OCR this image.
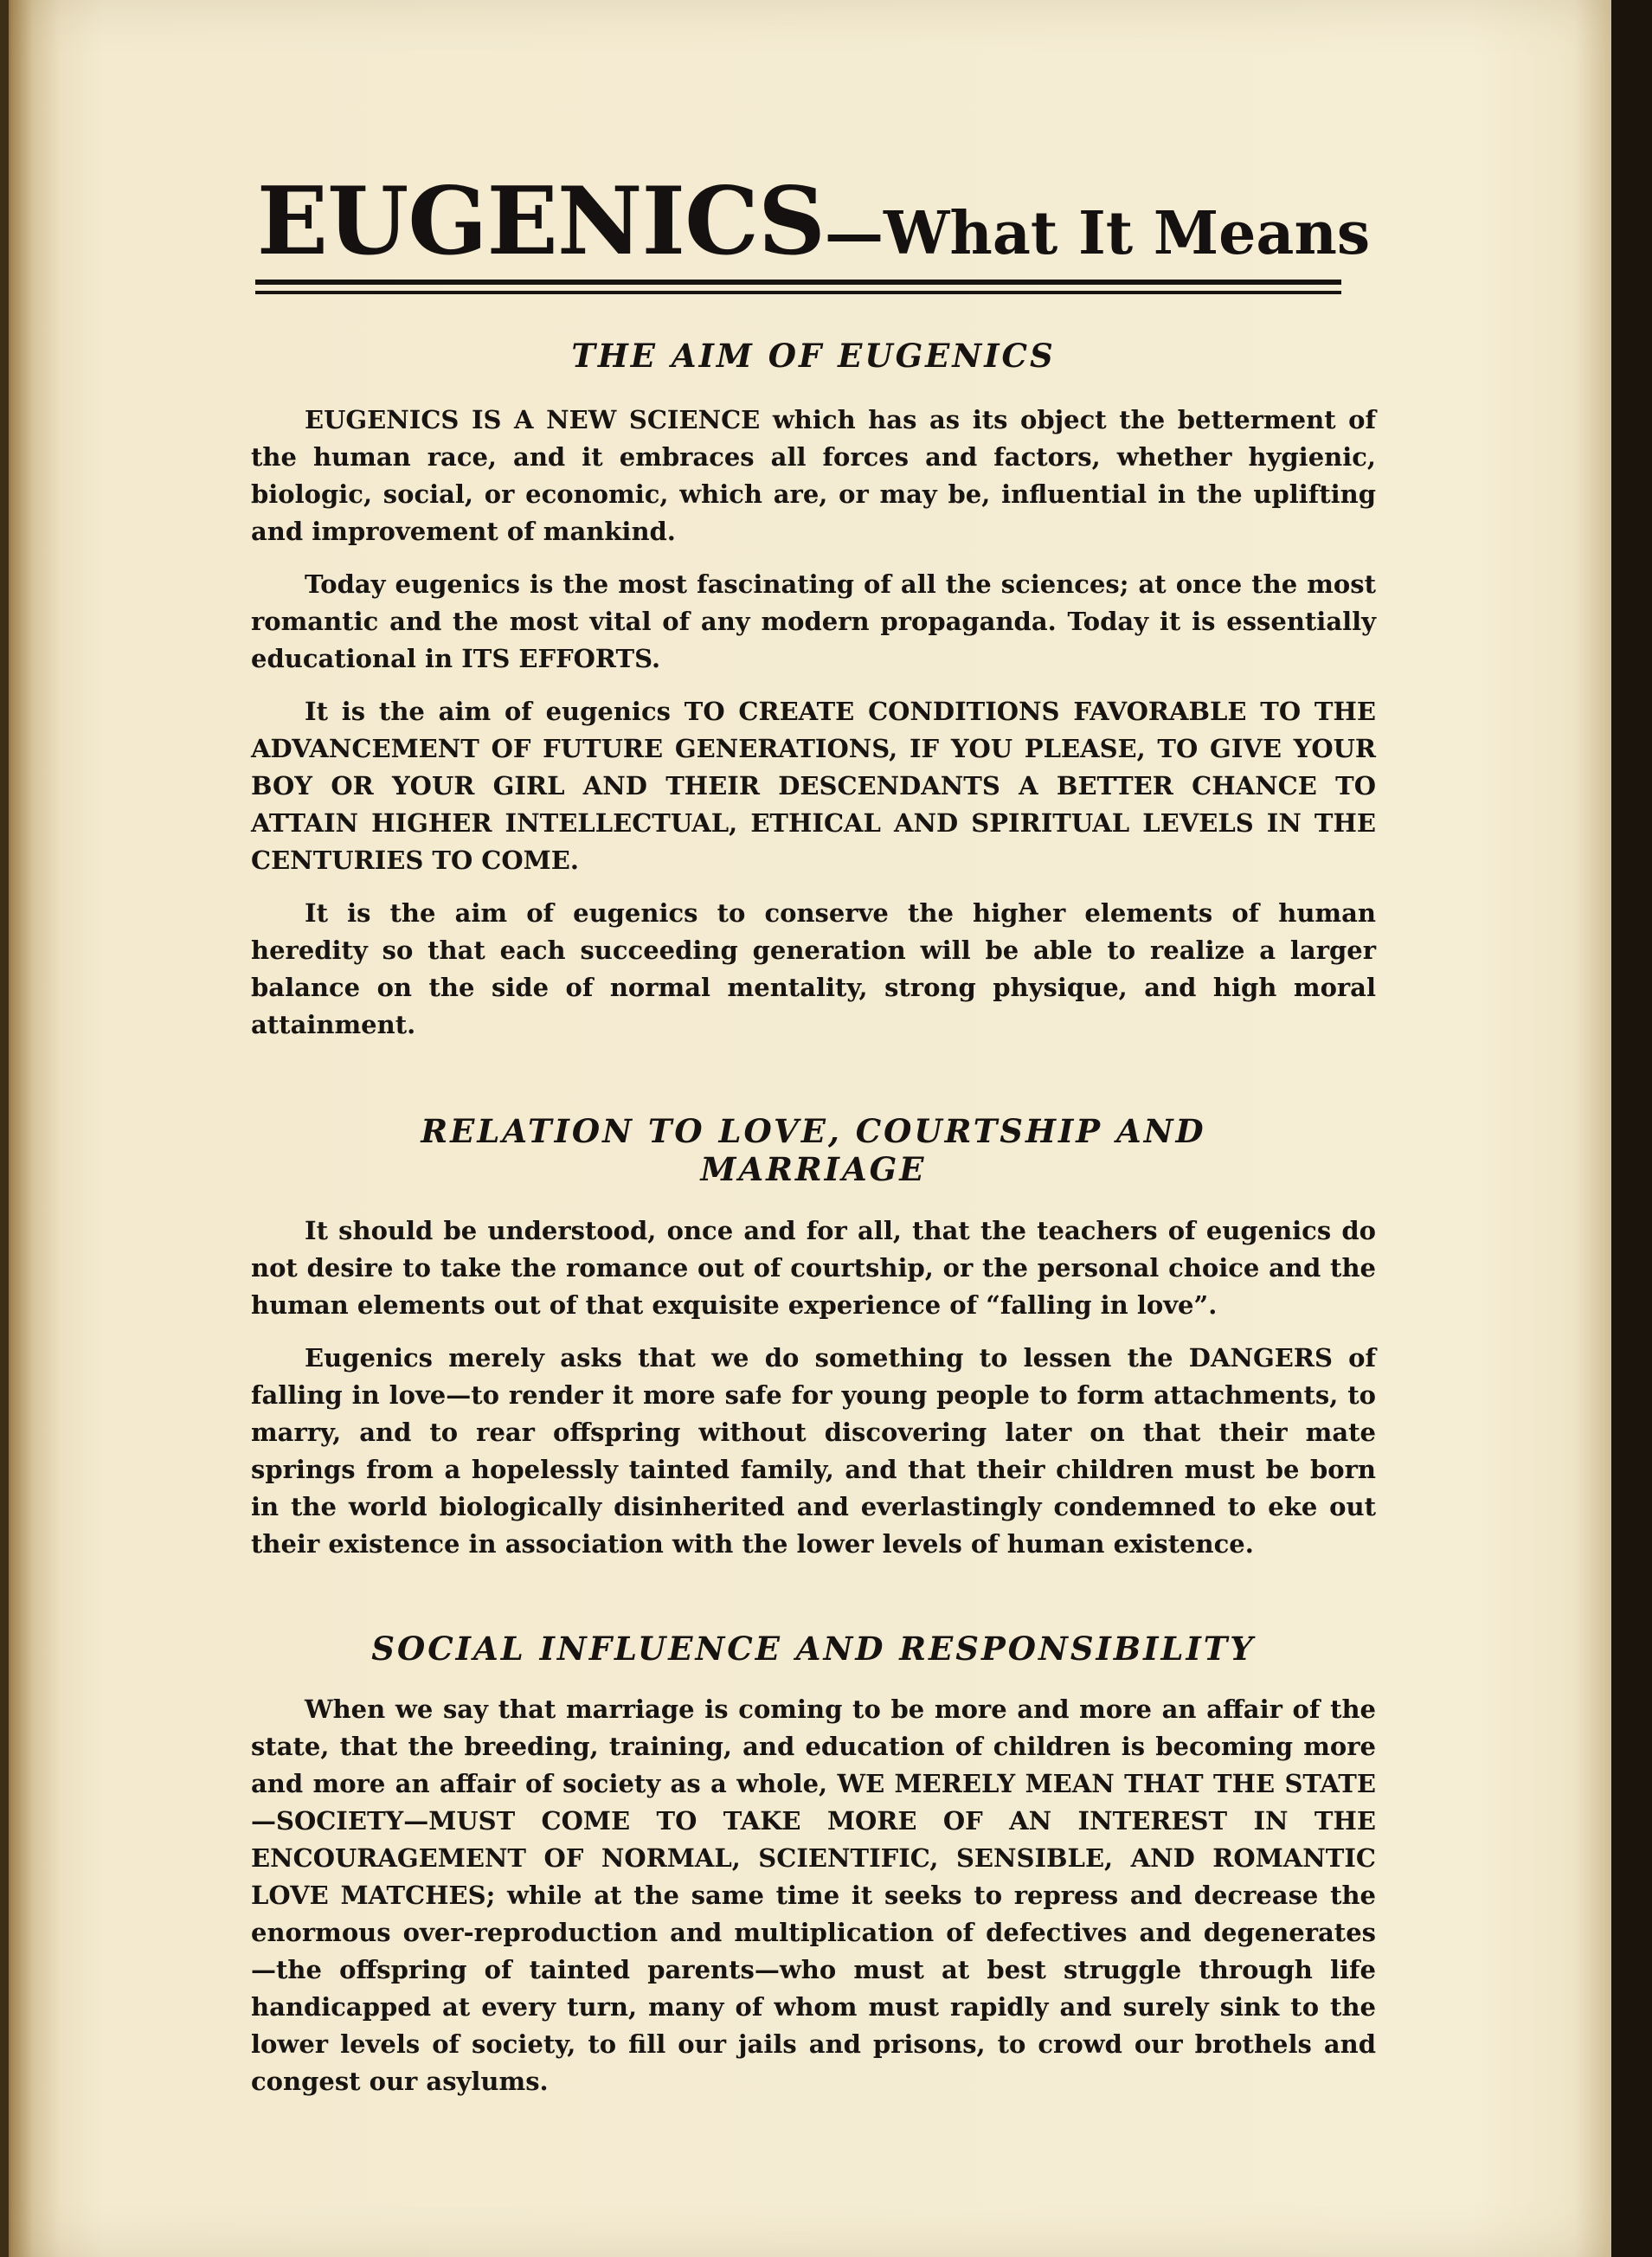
EUGENICS—What It Means
THE AIM OF EUGENICS

EUGENICS IS A NEW SCIENCE which has as its object the betterment of the human race, and it embraces all forces and factors, whether hygienic, biologic, social, or economic, which are, or may be, influential in the uplifting and improvement of mankind.

Today eugenics is the most fascinating of all the sciences; at once the most romantic and the most vital of any modern propaganda. Today it is essentially educational in ITS EFFORTS.

It is the aim of eugenics TO CREATE CONDITIONS FAVORABLE TO THE ADVANCEMENT OF FUTURE GENERATIONS, IF YOU PLEASE, TO GIVE YOUR BOY OR YOUR GIRL AND THEIR DESCENDANTS A BETTER CHANCE TO ATTAIN HIGHER INTELLECTUAL, ETHICAL AND SPIRITUAL LEVELS IN THE CENTURIES TO COME.

It is the aim of eugenics to conserve the higher elements of human heredity so that each succeeding generation will be able to realize a larger balance on the side of normal mentality, strong physique, and high moral attainment.

RELATION TO LOVE, COURTSHIP AND MARRIAGE

It should be understood, once and for all, that the teachers of eugenics do not desire to take the romance out of courtship, or the personal choice and the human elements out of that exquisite experience of “falling in love”.

Eugenics merely asks that we do something to lessen the DANGERS of falling in love—to render it more safe for young people to form attachments, to marry, and to rear offspring without discovering later on that their mate springs from a hopelessly tainted family, and that their children must be born in the world biologically disinherited and everlastingly condemned to eke out their existence in association with the lower levels of human existence.

SOCIAL INFLUENCE AND RESPONSIBILITY

When we say that marriage is coming to be more and more an affair of the state, that the breeding, training, and education of children is becoming more and more an affair of society as a whole, WE MERELY MEAN THAT THE STATE—SOCIETY—MUST COME TO TAKE MORE OF AN INTEREST IN THE ENCOURAGEMENT OF NORMAL, SCIENTIFIC, SENSIBLE, AND ROMANTIC LOVE MATCHES; while at the same time it seeks to repress and decrease the enormous over-reproduction and multiplication of defectives and degenerates—the offspring of tainted parents—who must at best struggle through life handicapped at every turn, many of whom must rapidly and surely sink to the lower levels of society, to fill our jails and prisons, to crowd our brothels and congest our asylums.
